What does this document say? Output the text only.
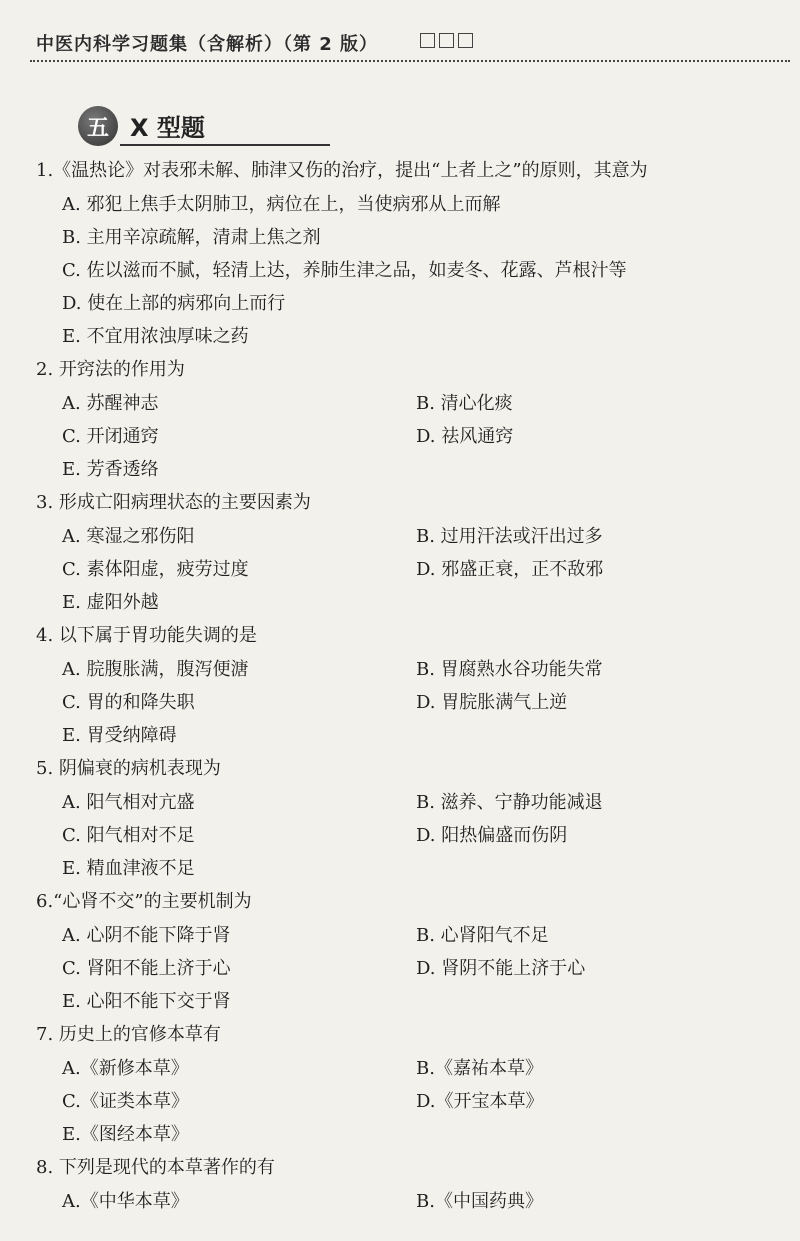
中医内科学习题集（含解析）（第 2 版）
五 X 型题
1.《温热论》对表邪未解、肺津又伤的治疗，提出“上者上之”的原则，其意为
A. 邪犯上焦手太阴肺卫，病位在上，当使病邪从上而解
B. 主用辛凉疏解，清肃上焦之剂
C. 佐以滋而不腻，轻清上达，养肺生津之品，如麦冬、花露、芦根汁等
D. 使在上部的病邪向上而行
E. 不宜用浓浊厚味之药
2. 开窍法的作用为
A. 苏醒神志	B. 清心化痰
C. 开闭通窍	D. 祛风通窍
E. 芳香透络
3. 形成亡阳病理状态的主要因素为
A. 寒湿之邪伤阳	B. 过用汗法或汗出过多
C. 素体阳虚，疲劳过度	D. 邪盛正衰，正不敌邪
E. 虚阳外越
4. 以下属于胃功能失调的是
A. 脘腹胀满，腹泻便溏	B. 胃腐熟水谷功能失常
C. 胃的和降失职	D. 胃脘胀满气上逆
E. 胃受纳障碍
5. 阴偏衰的病机表现为
A. 阳气相对亢盛	B. 滋养、宁静功能减退
C. 阳气相对不足	D. 阳热偏盛而伤阴
E. 精血津液不足
6.“心肾不交”的主要机制为
A. 心阴不能下降于肾	B. 心肾阳气不足
C. 肾阳不能上济于心	D. 肾阴不能上济于心
E. 心阳不能下交于肾
7. 历史上的官修本草有
A.《新修本草》	B.《嘉祐本草》
C.《证类本草》	D.《开宝本草》
E.《图经本草》
8. 下列是现代的本草著作的有
A.《中华本草》	B.《中国药典》
